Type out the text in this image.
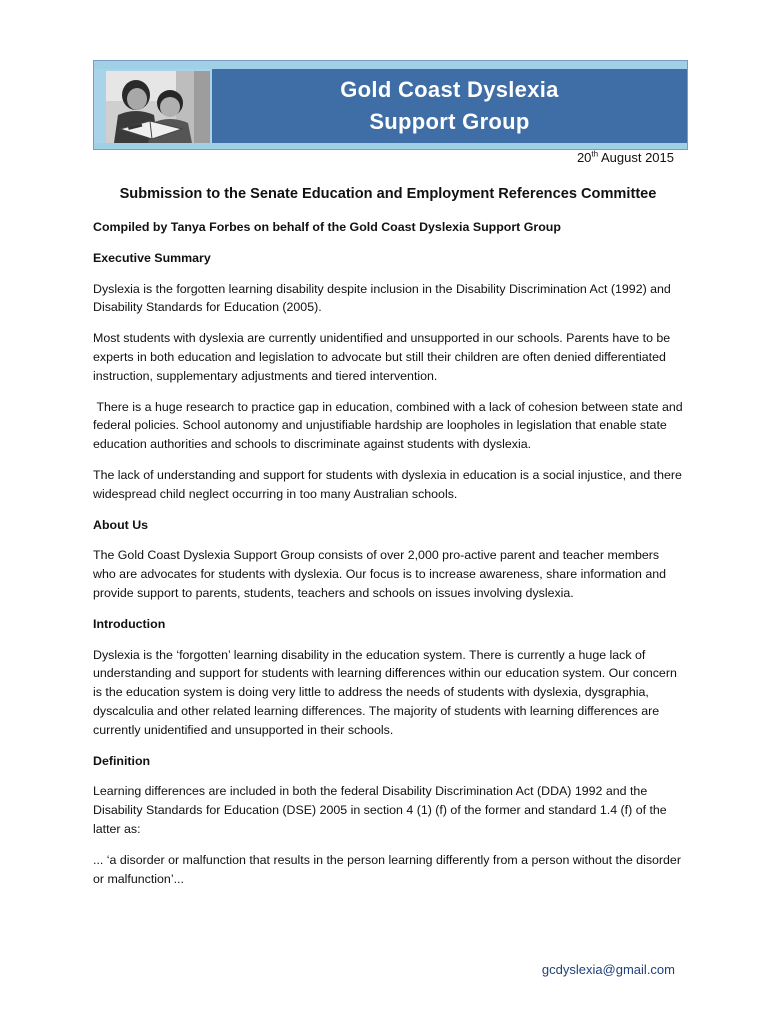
Gold Coast Dyslexia
Support Group
20th August 2015
Submission to the Senate Education and Employment References Committee
Compiled by Tanya Forbes on behalf of the Gold Coast Dyslexia Support Group
Executive Summary

Dyslexia is the forgotten learning disability despite inclusion in the Disability Discrimination Act (1992) and Disability Standards for Education (2005).

Most students with dyslexia are currently unidentified and unsupported in our schools. Parents have to be experts in both education and legislation to advocate but still their children are often denied differentiated instruction, supplementary adjustments and tiered intervention.

There is a huge research to practice gap in education, combined with a lack of cohesion between state and federal policies. School autonomy and unjustifiable hardship are loopholes in legislation that enable state education authorities and schools to discriminate against students with dyslexia.

The lack of understanding and support for students with dyslexia in education is a social injustice, and there widespread child neglect occurring in too many Australian schools.

About Us

The Gold Coast Dyslexia Support Group consists of over 2,000 pro-active parent and teacher members who are advocates for students with dyslexia. Our focus is to increase awareness, share information and provide support to parents, students, teachers and schools on issues involving dyslexia.

Introduction

Dyslexia is the ‘forgotten’ learning disability in the education system. There is currently a huge lack of understanding and support for students with learning differences within our education system. Our concern is the education system is doing very little to address the needs of students with dyslexia, dysgraphia, dyscalculia and other related learning differences. The majority of students with learning differences are currently unidentified and unsupported in their schools.

Definition

Learning differences are included in both the federal Disability Discrimination Act (DDA) 1992 and the Disability Standards for Education (DSE) 2005 in section 4 (1) (f) of the former and standard 1.4 (f) of the latter as:

... ‘a disorder or malfunction that results in the person learning differently from a person without the disorder or malfunction’...

gcdyslexia@gmail.com
